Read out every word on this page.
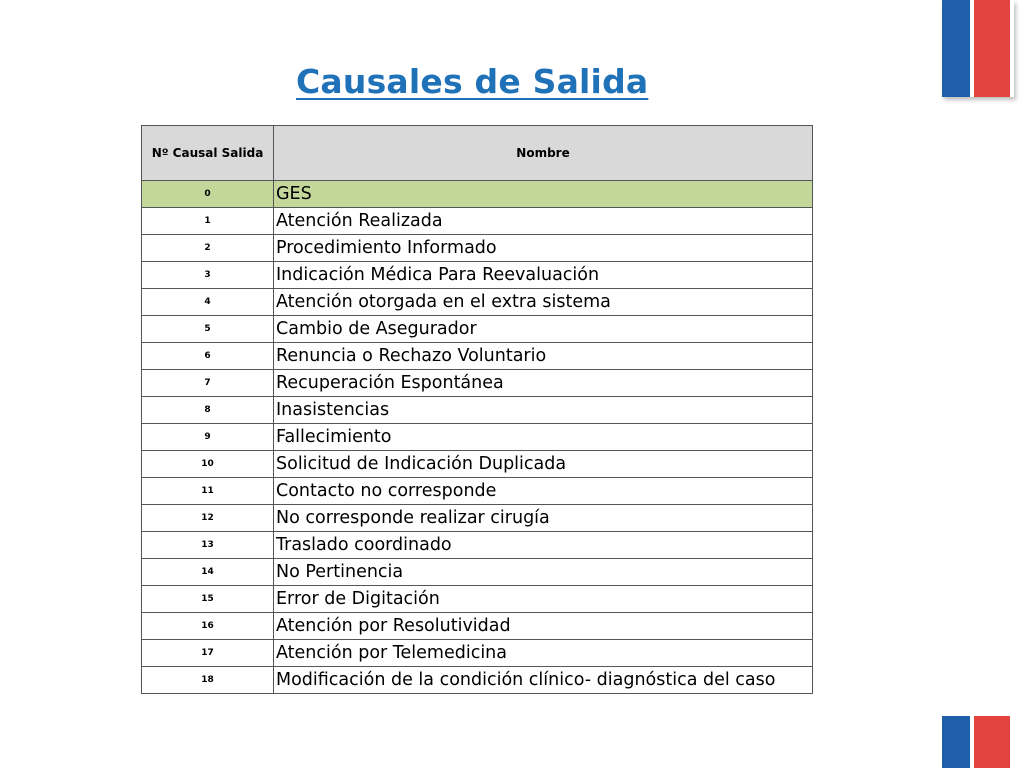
Causales de Salida
Nº Causal Salida	Nombre
0	GES
1	Atención Realizada
2	Procedimiento Informado
3	Indicación Médica Para Reevaluación
4	Atención otorgada en el extra sistema
5	Cambio de Asegurador
6	Renuncia o Rechazo Voluntario
7	Recuperación Espontánea
8	Inasistencias
9	Fallecimiento
10	Solicitud de Indicación Duplicada
11	Contacto no corresponde
12	No corresponde realizar cirugía
13	Traslado coordinado
14	No Pertinencia
15	Error de Digitación
16	Atención por Resolutividad
17	Atención por Telemedicina
18	Modificación de la condición clínico- diagnóstica del caso
